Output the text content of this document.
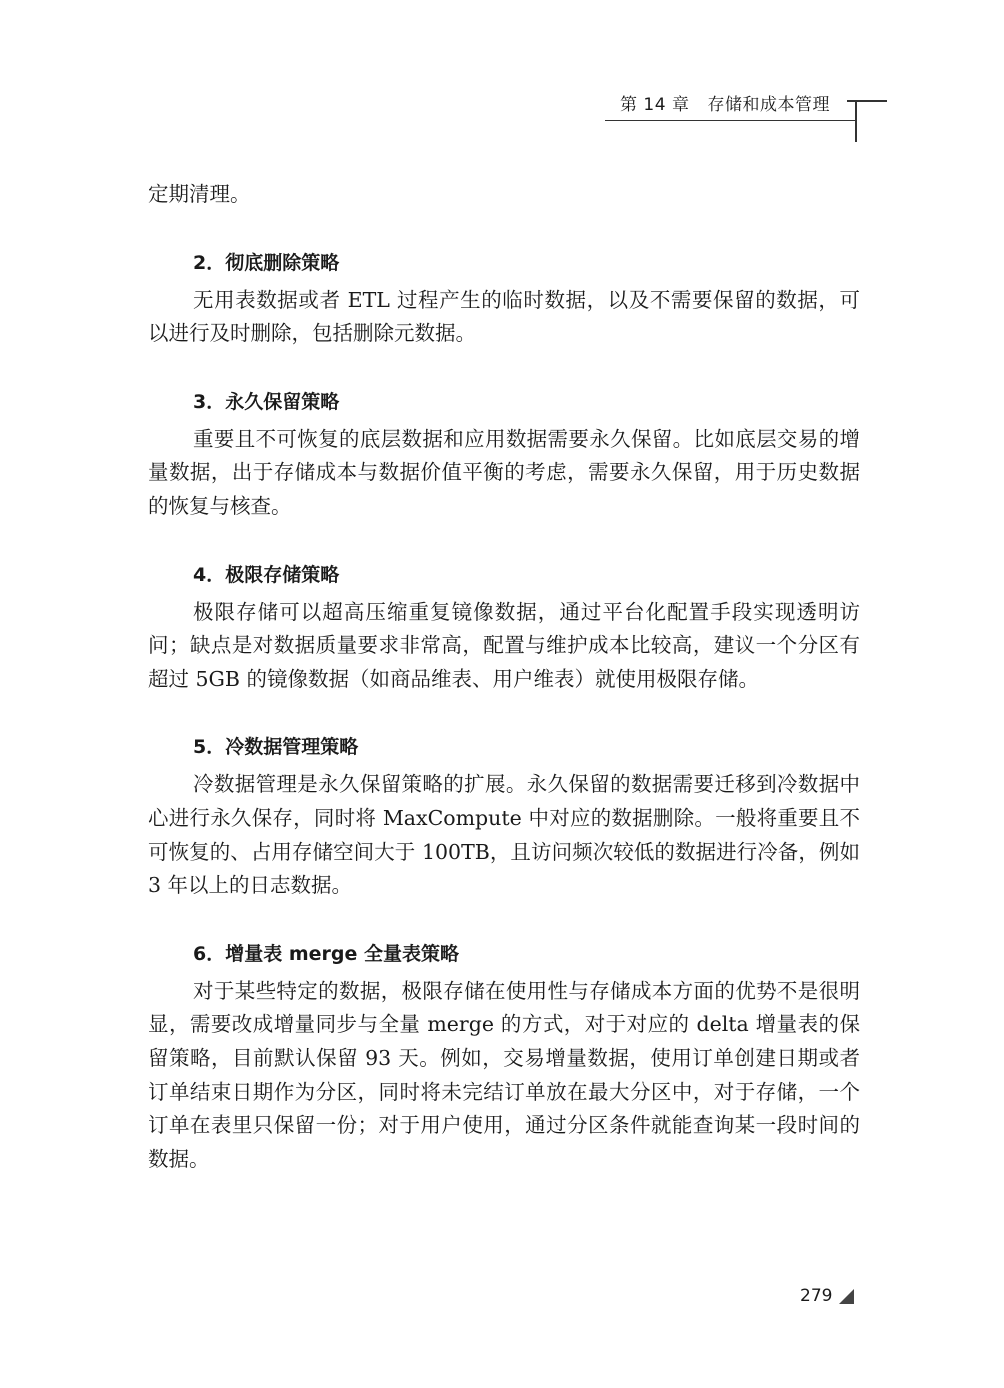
第 14 章 存储和成本管理

定期清理。

2．彻底删除策略

无用表数据或者 ETL 过程产生的临时数据，以及不需要保留的数据，可以进行及时删除，包括删除元数据。

3．永久保留策略

重要且不可恢复的底层数据和应用数据需要永久保留。比如底层交易的增量数据，出于存储成本与数据价值平衡的考虑，需要永久保留，用于历史数据的恢复与核查。

4．极限存储策略

极限存储可以超高压缩重复镜像数据，通过平台化配置手段实现透明访问；缺点是对数据质量要求非常高，配置与维护成本比较高，建议一个分区有超过 5GB 的镜像数据（如商品维表、用户维表）就使用极限存储。

5．冷数据管理策略

冷数据管理是永久保留策略的扩展。永久保留的数据需要迁移到冷数据中心进行永久保存，同时将 MaxCompute 中对应的数据删除。一般将重要且不可恢复的、占用存储空间大于 100TB，且访问频次较低的数据进行冷备，例如 3 年以上的日志数据。

6．增量表 merge 全量表策略

对于某些特定的数据，极限存储在使用性与存储成本方面的优势不是很明显，需要改成增量同步与全量 merge 的方式，对于对应的 delta 增量表的保留策略，目前默认保留 93 天。例如，交易增量数据，使用订单创建日期或者订单结束日期作为分区，同时将未完结订单放在最大分区中，对于存储，一个订单在表里只保留一份；对于用户使用，通过分区条件就能查询某一段时间的数据。

279
